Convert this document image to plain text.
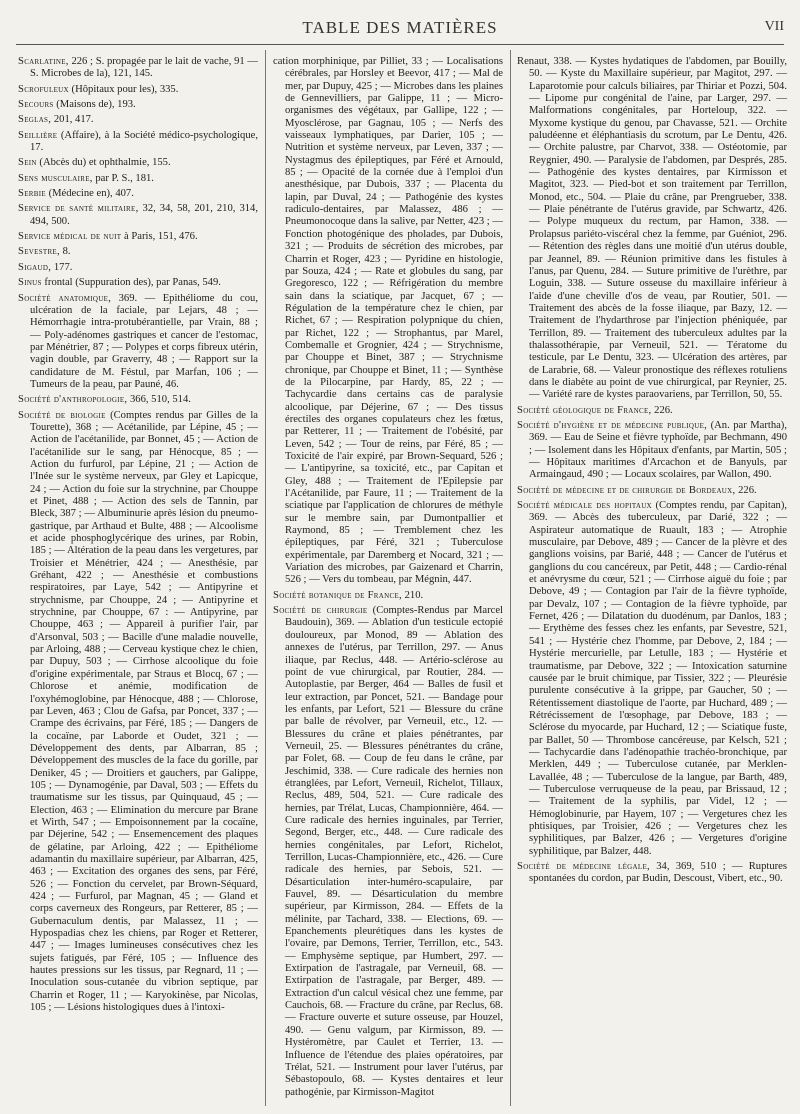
TABLE DES MATIÈRES	VII

Scarlatine, 226 ; S. propagée par le lait de vache, 91 — S. Microbes de la), 121, 145.

Scrofuleux (Hôpitaux pour les), 335.

Secours (Maisons de), 193.

Seglas, 201, 417.

Seillière (Affaire), à la Société médico-psychologique, 17.

Sein (Abcès du) et ophthalmie, 155.

Sens musculaire, par P. S., 181.

Serbie (Médecine en), 407.

Service de santé militaire, 32, 34, 58, 201, 210, 314, 494, 500.

Service médical de nuit à Paris, 151, 476.

Sevestre, 8.

Sigaud, 177.

Sinus frontal (Suppuration des), par Panas, 549.

Société anatomique, 369. — Epithéliome du cou, ulcération de la faciale, par Lejars, 48 ; — Hémorrhagie intra-protubérantielle, par Vrain, 88 ; — Poly-adénomes gastriques et cancer de l'estomac, par Ménétrier, 87 ; — Polypes et corps fibreux utérin, vagin double, par Graverry, 48 ; — Rapport sur la candidature de M. Féstul, par Marfan, 106 ; — Tumeurs de la peau, par Pauné, 46.

Société d'anthropologie, 366, 510, 514.

Société de biologie (Comptes rendus par Gilles de la Tourette), 368 ; — Acétanilide, par Lépine, 45 ; — Action de l'acétanilide, par Bonnet, 45 ; — Action de l'acétanilide sur le sang, par Hénocque, 85 ; — Action du furfurol, par Lépine, 21 ; — Action de l'Inée sur le système nerveux, par Gley et Lapicque, 24 ; — Action du foie sur la strychnine, par Chouppe et Pinet, 488 ; — Action des sels de Tannin, par Bleck, 387 ; — Albuminurie après lésion du pneumo-gastrique, par Arthaud et Bulte, 488 ; — Alcoolisme et acide phosphoglycérique des urines, par Robin, 185 ; — Altération de la peau dans les vergetures, par Troisier et Ménétrier, 424 ; — Anesthésie, par Gréhant, 422 ; — Anesthésie et combustions respiratoires, par Laye, 542 ; — Antipyrine et strychnisme, par Chouppe, 24 ; — Antipyrine et strychnine, par Chouppe, 67 : — Antipyrine, par Chouppe, 463 ; — Appareil à purifier l'air, par d'Arsonval, 503 ; — Bacille d'une maladie nouvelle, par Arloing, 488 ; — Cerveau kystique chez le chien, par Dupuy, 503 ; — Cirrhose alcoolique du foie d'origine expérimentale, par Straus et Blocq, 67 ; — Chlorose et anémie, modification de l'oxyhémoglobine, par Hénocque, 488 ; — Chlorose, par Leven, 463 ; Clou de Gafsa, par Poncet, 337 ; — Crampe des écrivains, par Féré, 185 ; — Dangers de la cocaïne, par Laborde et Oudet, 321 ; — Développement des dents, par Albarran, 85 ; Développement des muscles de la face du gorille, par Deniker, 45 ; — Droitiers et gauchers, par Galippe, 105 ; — Dynamogénie, par Daval, 503 ; — Effets du traumatisme sur les tissus, par Quinquaud, 45 ; — Election, 463 ; — Elimination du mercure par Brane et Wirth, 547 ; — Empoisonnement par la cocaïne, par Déjerine, 542 ; — Ensemencement des plaques de gélatine, par Arloing, 422 ; — Epithéliome adamantin du maxillaire supérieur, par Albarran, 425, 463 ; — Excitation des organes des sens, par Féré, 526 ; — Fonction du cervelet, par Brown-Séquard, 424 ; — Furfurol, par Magnan, 45 ; — Gland et corps caverneux des Rongeurs, par Retterer, 85 ; — Gubernaculum dentis, par Malassez, 11 ; — Hypospadias chez les chiens, par Roger et Retterer, 447 ; — Images lumineuses consécutives chez les sujets fatigués, par Féré, 105 ; — Influence des hautes pressions sur les tissus, par Regnard, 11 ; — Inoculation sous-cutanée du vibrion septique, par Charrin et Roger, 11 ; — Karyokinèse, par Nicolas, 105 ; — Lésions histologiques dues à l'intoxi-

cation morphinique, par Pilliet, 33 ; — Localisations cérébrales, par Horsley et Beevor, 417 ; — Mal de mer, par Dupuy, 425 ; — Microbes dans les plaines de Gennevilliers, par Galippe, 11 ; — Micro-organismes des végétaux, par Gallipe, 122 ; — Myosclérose, par Gagnau, 105 ; — Nerfs des vaisseaux lymphatiques, par Darier, 105 ; — Nutrition et système nerveux, par Leven, 337 ; — Nystagmus des épileptiques, par Féré et Arnould, 85 ; — Opacité de la cornée due à l'emploi d'un anesthésique, par Dubois, 337 ; — Placenta du lapin, par Duval, 24 ; — Pathogénie des kystes radiculo-dentaires, par Malassez, 486 ; — Pneumonocoque dans la salive, par Netter, 423 ; — Fonction photogénique des pholades, par Dubois, 321 ; — Produits de sécrétion des microbes, par Charrin et Roger, 423 ; — Pyridine en histologie, par Souza, 424 ; — Rate et globules du sang, par Gregoresco, 122 ; — Réfrigération du membre sain dans la sciatique, par Jacquet, 67 ; — Régulation de la température chez le chien, par Richet, 67 ; — Respiration polypnique du chien, par Richet, 122 ; — Strophantus, par Marel, Combemalle et Grognier, 424 ; — Strychnisme, par Chouppe et Binet, 387 ; — Strychnisme chronique, par Chouppe et Binet, 11 ; — Synthèse de la Pilocarpine, par Hardy, 85, 22 ; — Tachycardie dans certains cas de paralysie alcoolique, par Déjerine, 67 ; — Des tissus érectiles des organes copulateurs chez les fœtus, par Retterer, 11 ; — Traitement de l'obésité, par Leven, 542 ; — Tour de reins, par Féré, 85 ; — Toxicité de l'air expiré, par Brown-Sequard, 526 ; — L'antipyrine, sa toxicité, etc., par Capitan et Gley, 488 ; — Traitement de l'Epilepsie par l'Acétanilide, par Faure, 11 ; — Traitement de la sciatique par l'application de chlorures de méthyle sur le membre sain, par Dumontpallier et Raymond, 85 ; — Tremblement chez les épileptiques, par Féré, 321 ; Tuberculose expérimentale, par Daremberg et Nocard, 321 ; — Variation des microbes, par Gaizenard et Charrin, 526 ; — Vers du tombeau, par Mégnin, 447.

Société botanique de France, 210.

Société de chirurgie (Comptes-Rendus par Marcel Baudouin), 369. — Ablation d'un testicule ectopié douloureux, par Monod, 89 — Ablation des annexes de l'utérus, par Terrillon, 297. — Anus iliaque, par Reclus, 448. — Artério-sclérose au point de vue chirurgical, par Routier, 284. — Autoplastie, par Berger, 464 — Balles de fusil et leur extraction, par Poncet, 521. — Bandage pour les enfants, par Lefort, 521 — Blessure du crâne par balle de révolver, par Verneuil, etc., 12. — Blessures du crâne et plaies pénétrantes, par Verneuil, 25. — Blessures pénétrantes du crâne, par Folet, 68. — Coup de feu dans le crâne, par Jeschimid, 338. — Cure radicale des hernies non étranglées, par Lefort, Verneuil, Richelot, Tillaux, Reclus, 489, 504, 521. — Cure radicale des hernies, par Trélat, Lucas, Championnière, 464. — Cure radicale des hernies inguinales, par Terrier, Segond, Berger, etc., 448. — Cure radicale des hernies congénitales, par Lefort, Richelot, Terrillon, Lucas-Championnière, etc., 426. — Cure radicale des hernies, par Sebois, 521. — Désarticulation inter-huméro-scapulaire, par Fauvel, 89. — Désarticulation du membre supérieur, par Kirmisson, 284. — Effets de la mélinite, par Tachard, 338. — Elections, 69. — Epanchements pleurétiques dans les kystes de l'ovaire, par Demons, Terrier, Terrillon, etc., 543. — Emphysème septique, par Humbert, 297. — Extirpation de l'astragale, par Verneuil, 68. — Extirpation de l'astragale, par Berger, 489. — Extraction d'un calcul vésical chez une femme, par Cauchois, 68. — Fracture du crâne, par Reclus, 68. — Fracture ouverte et suture osseuse, par Houzel, 490. — Genu valgum, par Kirmisson, 89. — Hystéromètre, par Caulet et Terrier, 13. — Influence de l'étendue des plaies opératoires, par Trélat, 521. — Instrument pour laver l'utérus, par Sébastopoulo, 68. — Kystes dentaires et leur pathogénie, par Kirmisson-Magitot

Renaut, 338. — Kystes hydatiques de l'abdomen, par Bouilly, 50. — Kyste du Maxillaire supérieur, par Magitot, 297. — Laparotomie pour calculs biliaires, par Thiriar et Pozzi, 504. — Lipome pur congénital de l'aine, par Larger, 297. — Malformations congénitales, par Horteloup, 322. — Myxome kystique du genou, par Chavasse, 521. — Orchite paludéenne et éléphantiasis du scrotum, par Le Dentu, 426. — Orchite palustre, par Charvot, 338. — Ostéotomie, par Reygnier, 490. — Paralysie de l'abdomen, par Després, 285. — Pathogénie des kystes dentaires, par Kirmisson et Magitot, 323. — Pied-bot et son traitement par Terrillon, Monod, etc., 504. — Plaie du crâne, par Prengrueber, 338. — Plaie pénétrante de l'utérus gravide, par Schwartz, 426. — Polype muqueux du rectum, par Hamon, 338. — Prolapsus pariéto-viscéral chez la femme, par Guéniot, 296. — Rétention des règles dans une moitié d'un utérus double, par Jeannel, 89. — Réunion primitive dans les fistules à l'anus, par Quenu, 284. — Suture primitive de l'urèthre, par Loguin, 338. — Suture osseuse du maxillaire inférieur à l'aide d'une cheville d'os de veau, par Routier, 501. — Traitement des abcès de la fosse iliaque, par Bazy, 12. — Traitement de l'hydarthrose par l'injection phéniquée, par Terrillon, 89. — Traitement des tuberculeux adultes par la thalassothérapie, par Verneuil, 521. — Tératome du testicule, par Le Dentu, 323. — Ulcération des artères, par de Larabrie, 68. — Valeur pronostique des réflexes rotuliens dans le diabète au point de vue chirurgical, par Reynier, 25. — Variété rare de kystes paraovariens, par Terrillon, 50, 55.

Société géologique de France, 226.

Société d'hygiène et de médecine publique, (An. par Martha), 369. — Eau de Seine et fièvre typhoïde, par Bechmann, 490 ; — Isolement dans les Hôpitaux d'enfants, par Martin, 505 ; — Hôpitaux maritimes d'Arcachon et de Banyuls, par Armaingaud, 490 ; — Locaux scolaires, par Wallon, 490.

Société de médecine et de chirurgie de Bordeaux, 226.

Société médicale des hopitaux (Comptes rendu, par Capitan), 369. — Abcès des tuberculeux, par Darié, 322 ; — Aspirateur automatique de Ruault, 183 ; — Atrophie musculaire, par Debove, 489 ; — Cancer de la plèvre et des ganglions voisins, par Barié, 448 ; — Cancer de l'utérus et ganglions du cou cancéreux, par Petit, 448 ; — Cardio-rénal et anévrysme du cœur, 521 ; — Cirrhose aiguë du foie ; par Debove, 49 ; — Contagion par l'air de la fièvre typhoïde, par Devalz, 107 ; — Contagion de la fièvre typhoïde, par Fernet, 426 ; — Dilatation du duodénum, par Danlos, 183 ; — Erythème des fesses chez les enfants, par Sevestre, 521, 541 ; — Hystérie chez l'homme, par Debove, 2, 184 ; — Hystérie mercurielle, par Letulle, 183 ; — Hystérie et traumatisme, par Debove, 322 ; — Intoxication saturnine causée par le bruit chimique, par Tissier, 322 ; — Pleurésie purulente consécutive à la grippe, par Gaucher, 50 ; — Rétentissement diastolique de l'aorte, par Huchard, 489 ; — Rétrécissement de l'œsophage, par Debove, 183 ; — Sclérose du myocarde, par Huchard, 12 ; — Sciatique fuste, par Ballet, 50 — Thrombose cancéreuse, par Kelsch, 521 ; — Tachycardie dans l'adénopathie trachéo-bronchique, par Merklen, 449 ; — Tuberculose cutanée, par Merklen-Lavallée, 48 ; — Tuberculose de la langue, par Barth, 489, — Tuberculose verruqueuse de la peau, par Brissaud, 12 ; — Traitement de la syphilis, par Videl, 12 ; — Hémoglobinurie, par Hayem, 107 ; — Vergetures chez les phtisiques, par Troisier, 426 ; — Vergetures chez les syphilitiques, par Balzer, 426 ; — Vergetures d'origine syphilitique, par Balzer, 448.

Société de médecine légale, 34, 369, 510 ; — Ruptures spontanées du cordon, par Budin, Descoust, Vibert, etc., 90.
